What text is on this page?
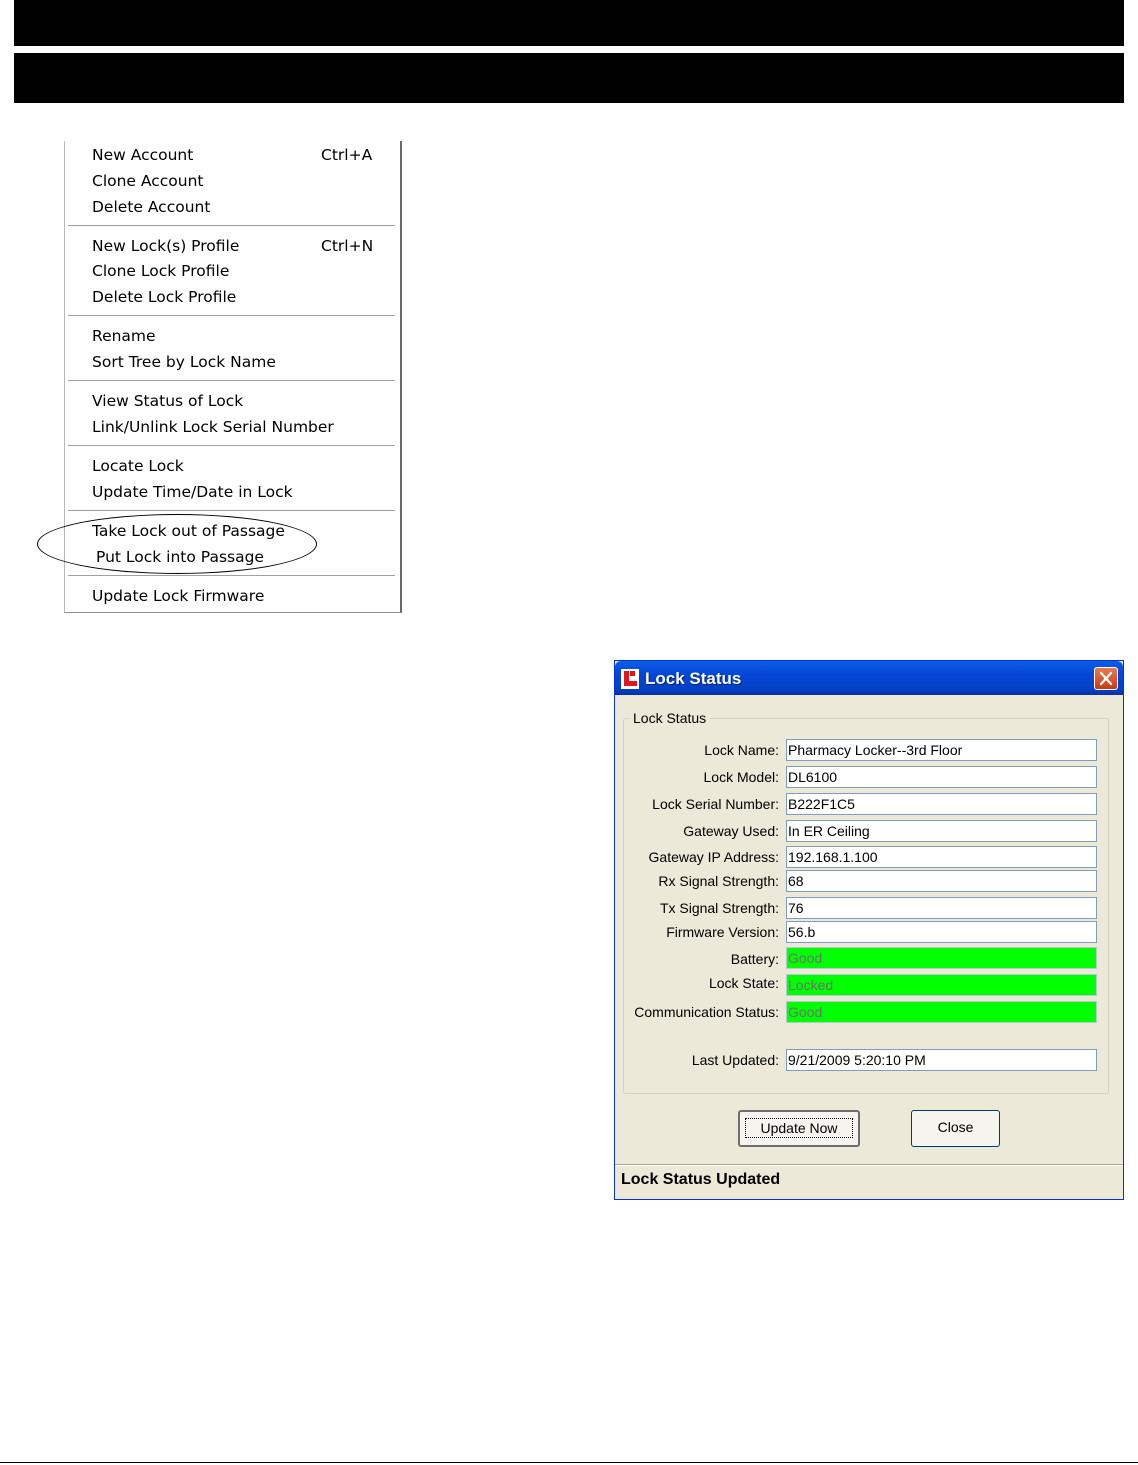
New Account	Ctrl+A
Clone Account
Delete Account
New Lock(s) Profile	Ctrl+N
Clone Lock Profile
Delete Lock Profile
Rename
Sort Tree by Lock Name
View Status of Lock
Link/Unlink Lock Serial Number
Locate Lock
Update Time/Date in Lock
Take Lock out of Passage
Put Lock into Passage
Update Lock Firmware
Lock Status
Lock Status
Lock Name: Pharmacy Locker--3rd Floor
Lock Model: DL6100
Lock Serial Number: B222F1C5
Gateway Used: In ER Ceiling
Gateway IP Address: 192.168.1.100
Rx Signal Strength: 68
Tx Signal Strength: 76
Firmware Version: 56.b
Battery: Good
Lock State: Locked
Communication Status: Good
Last Updated: 9/21/2009 5:20:10 PM
Update Now	Close
Lock Status Updated
